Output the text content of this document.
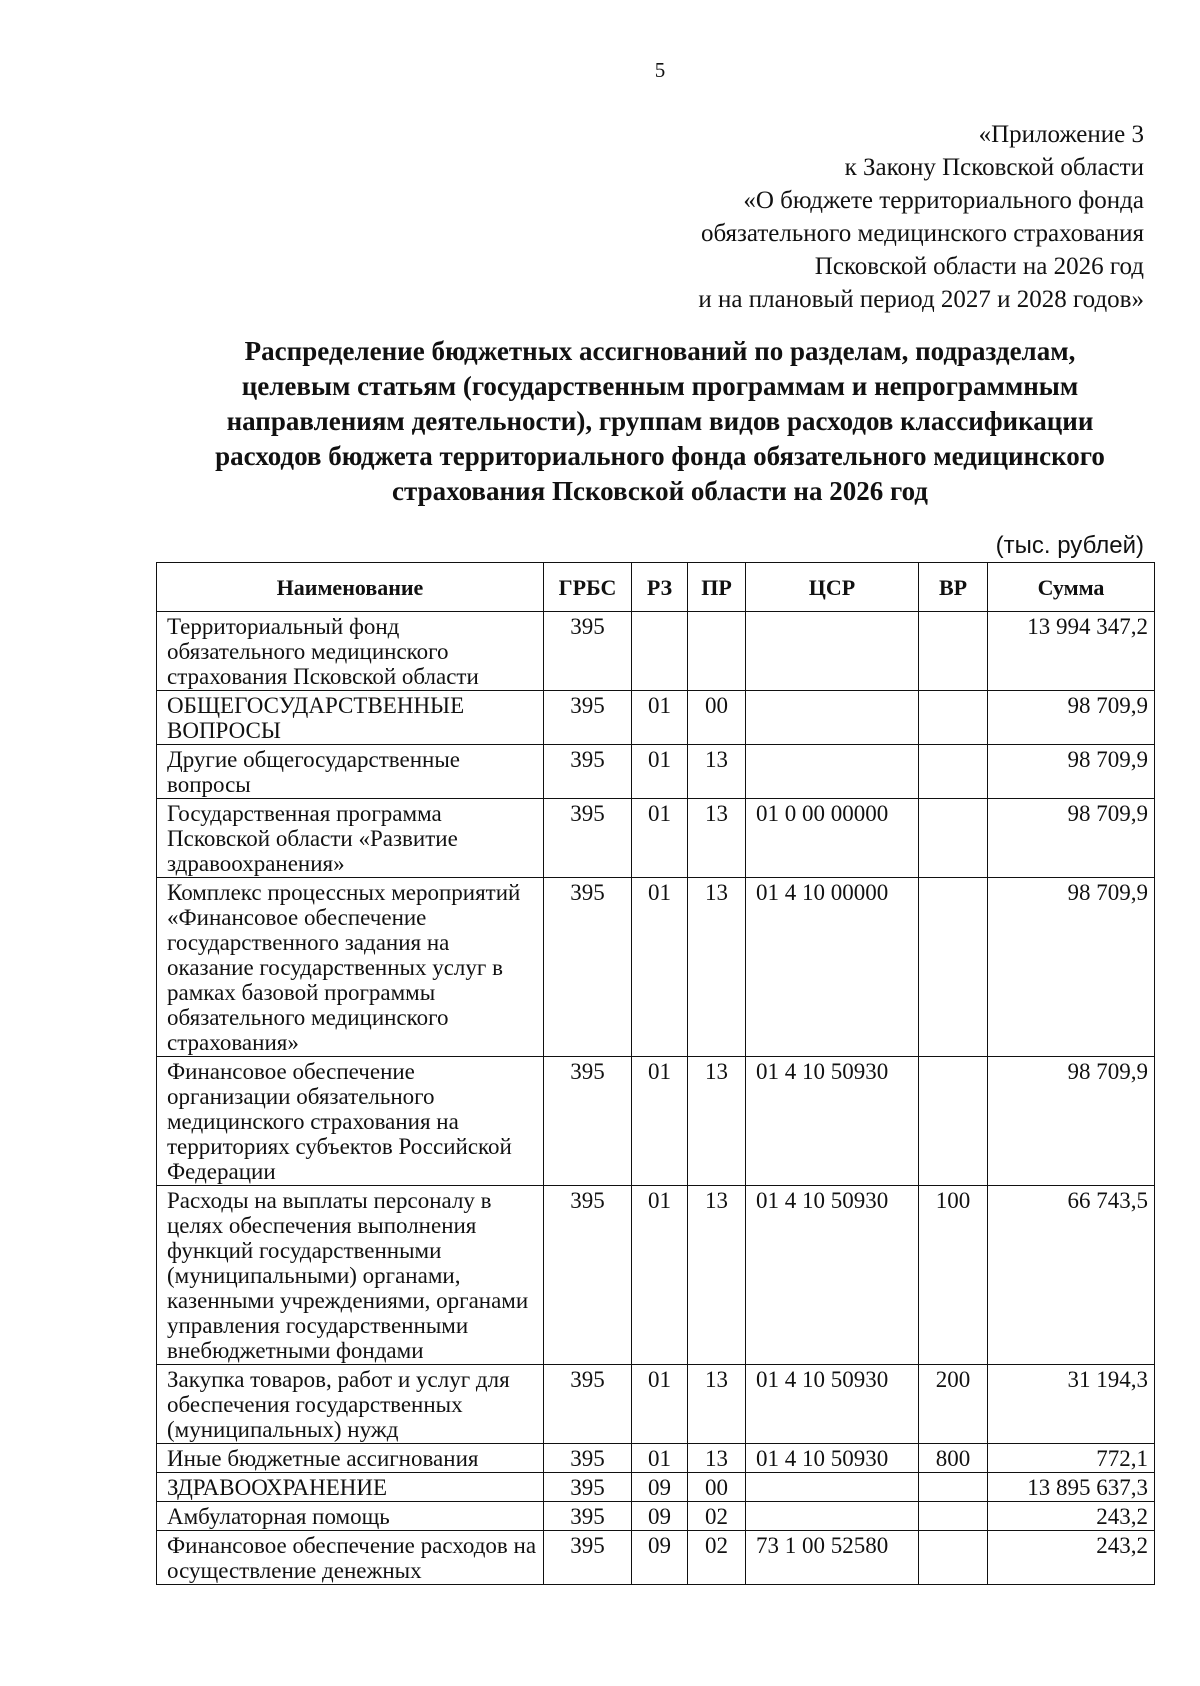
5
«Приложение 3
к Закону Псковской области
«О бюджете территориального фонда
обязательного медицинского страхования
Псковской области на 2026 год
и на плановый период 2027 и 2028 годов»
Распределение бюджетных ассигнований по разделам, подразделам,
целевым статьям (государственным программам и непрограммным
направлениям деятельности), группам видов расходов классификации
расходов бюджета территориального фонда обязательного медицинского
страхования Псковской области на 2026 год
(тыс. рублей)
Наименование	ГРБС	РЗ	ПР	ЦСР	ВР	Сумма
Территориальный фонд обязательного медицинского страхования Псковской области	395					13 994 347,2
ОБЩЕГОСУДАРСТВЕННЫЕ ВОПРОСЫ	395	01	00			98 709,9
Другие общегосударственные вопросы	395	01	13			98 709,9
Государственная программа Псковской области «Развитие здравоохранения»	395	01	13	01 0 00 00000		98 709,9
Комплекс процессных мероприятий «Финансовое обеспечение государственного задания на оказание государственных услуг в рамках базовой программы обязательного медицинского страхования»	395	01	13	01 4 10 00000		98 709,9
Финансовое обеспечение организации обязательного медицинского страхования на территориях субъектов Российской Федерации	395	01	13	01 4 10 50930		98 709,9
Расходы на выплаты персоналу в целях обеспечения выполнения функций государственными (муниципальными) органами, казенными учреждениями, органами управления государственными внебюджетными фондами	395	01	13	01 4 10 50930	100	66 743,5
Закупка товаров, работ и услуг для обеспечения государственных (муниципальных) нужд	395	01	13	01 4 10 50930	200	31 194,3
Иные бюджетные ассигнования	395	01	13	01 4 10 50930	800	772,1
ЗДРАВООХРАНЕНИЕ	395	09	00			13 895 637,3
Амбулаторная помощь	395	09	02			243,2
Финансовое обеспечение расходов на осуществление денежных	395	09	02	73 1 00 52580		243,2
